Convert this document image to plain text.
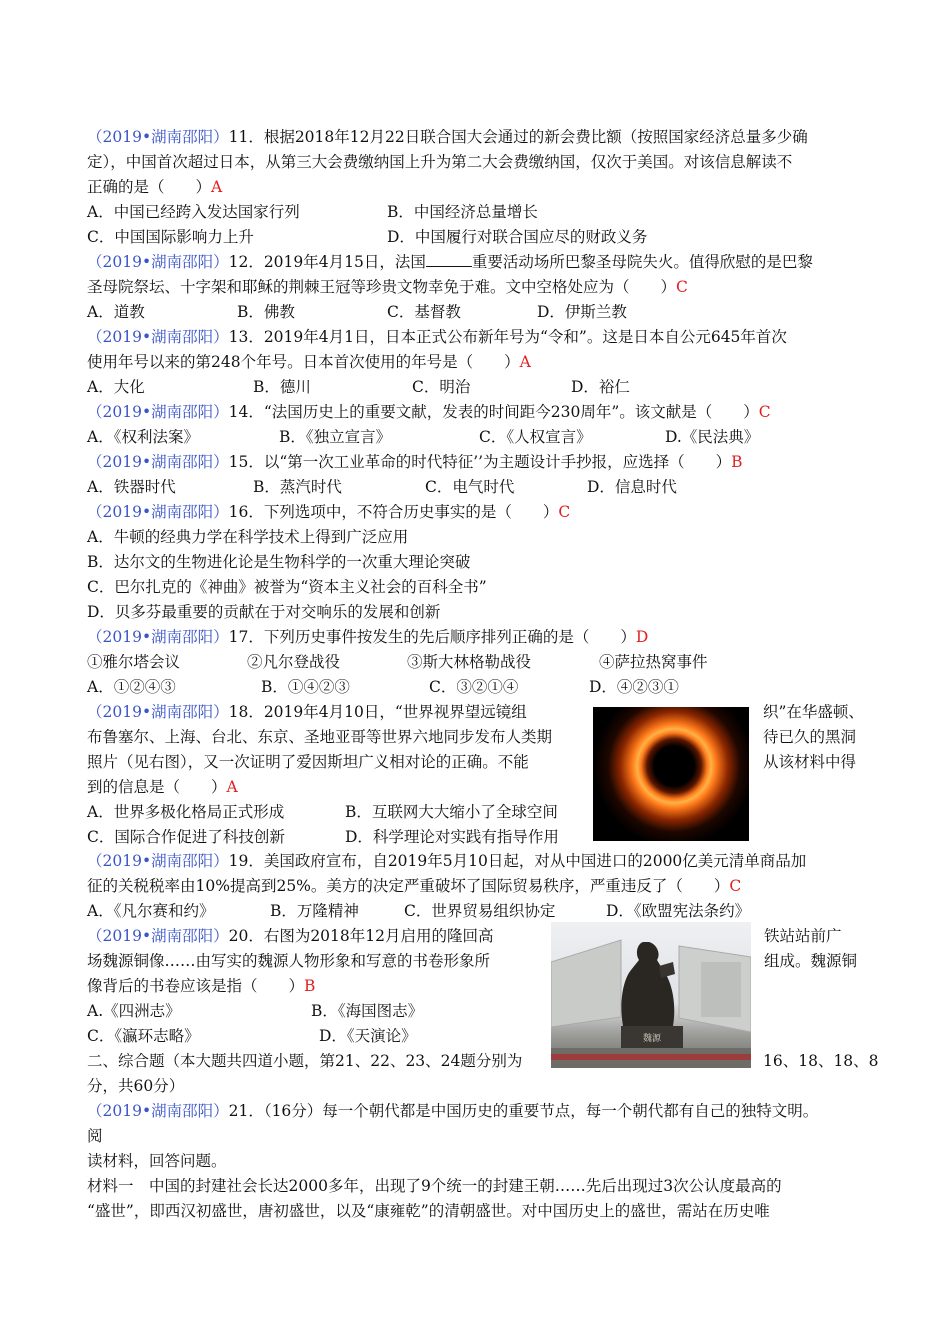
（2019•湖南邵阳）11．根据2018年12月22日联合国大会通过的新会费比额（按照国家经济总量多少确
定），中国首次超过日本，从第三大会费缴纳国上升为第二大会费缴纳国，仅次于美国。对该信息解读不
正确的是（　　）A
A．中国已经跨入发达国家行列	B．中国经济总量增长
C．中国国际影响力上升	D．中国履行对联合国应尽的财政义务
（2019•湖南邵阳）12．2019年4月15日，法国	重要活动场所巴黎圣母院失火。值得欣慰的是巴黎
圣母院祭坛、十字架和耶稣的荆棘王冠等珍贵文物幸免于难。文中空格处应为（　　）C
A．道教	B．佛教	C．基督教	D．伊斯兰教
（2019•湖南邵阳）13．2019年4月1日，日本正式公布新年号为“令和”。这是日本自公元645年首次
使用年号以来的第248个年号。日本首次使用的年号是（　　）A
A．大化	B．德川	C．明治	D．裕仁
（2019•湖南邵阳）14．“法国历史上的重要文献，发表的时间距今230周年”。该文献是（　　）C
A．《权利法案》	B．《独立宣言》	C．《人权宣言》	D.《民法典》
（2019•湖南邵阳）15．以“第一次工业革命的时代特征’’为主题设计手抄报，应选择（　　）B
A．铁器时代	B．蒸汽时代	C．电气时代	D．信息时代
（2019•湖南邵阳）16．下列选项中，不符合历史事实的是（　　）C
A．牛顿的经典力学在科学技术上得到广泛应用
B．达尔文的生物进化论是生物科学的一次重大理论突破
C．巴尔扎克的《神曲》被誉为“资本主义社会的百科全书”
D．贝多芬最重要的贡献在于对交响乐的发展和创新
（2019•湖南邵阳）17．下列历史事件按发生的先后顺序排列正确的是（　　）D
①雅尔塔会议	②凡尔登战役	③斯大林格勒战役	④萨拉热窝事件
A．①②④③	B．①④②③	C．③②①④	D．④②③①
（2019•湖南邵阳）18．2019年4月10日，“世界视界望远镜组	织”在华盛顿、
布鲁塞尔、上海、台北、东京、圣地亚哥等世界六地同步发布人类期	待已久的黑洞
照片（见右图），又一次证明了爱因斯坦广义相对论的正确。不能	从该材料中得
到的信息是（　　）A
A．世界多极化格局正式形成	B．互联网大大缩小了全球空间
C．国际合作促进了科技创新	D．科学理论对实践有指导作用
（2019•湖南邵阳）19．美国政府宣布，自2019年5月10日起，对从中国进口的2000亿美元清单商品加
征的关税税率由10%提高到25%。美方的决定严重破坏了国际贸易秩序，严重违反了（　　）C
A．《凡尔赛和约》	B．万隆精神	C．世界贸易组织协定	D．《欧盟宪法条约》
魏源
（2019•湖南邵阳）20．右图为2018年12月启用的隆回高	铁站站前广
场魏源铜像……由写实的魏源人物形象和写意的书卷形象所	组成。魏源铜
像背后的书卷应该是指（　　）B
A.《四洲志》	B．《海国图志》
C．《瀛环志略》	D．《天演论》
二、综合题（本大题共四道小题，第21、22、23、24题分别为	16、18、18、8
分，共60分）
（2019•湖南邵阳）21．（16分）每一个朝代都是中国历史的重要节点，每一个朝代都有自己的独特文明。
阅
读材料，回答问题。
材料一　中国的封建社会长达2000多年，出现了9个统一的封建王朝……先后出现过3次公认度最高的
“盛世”，即西汉初盛世，唐初盛世，以及“康雍乾”的清朝盛世。对中国历史上的盛世，需站在历史唯
